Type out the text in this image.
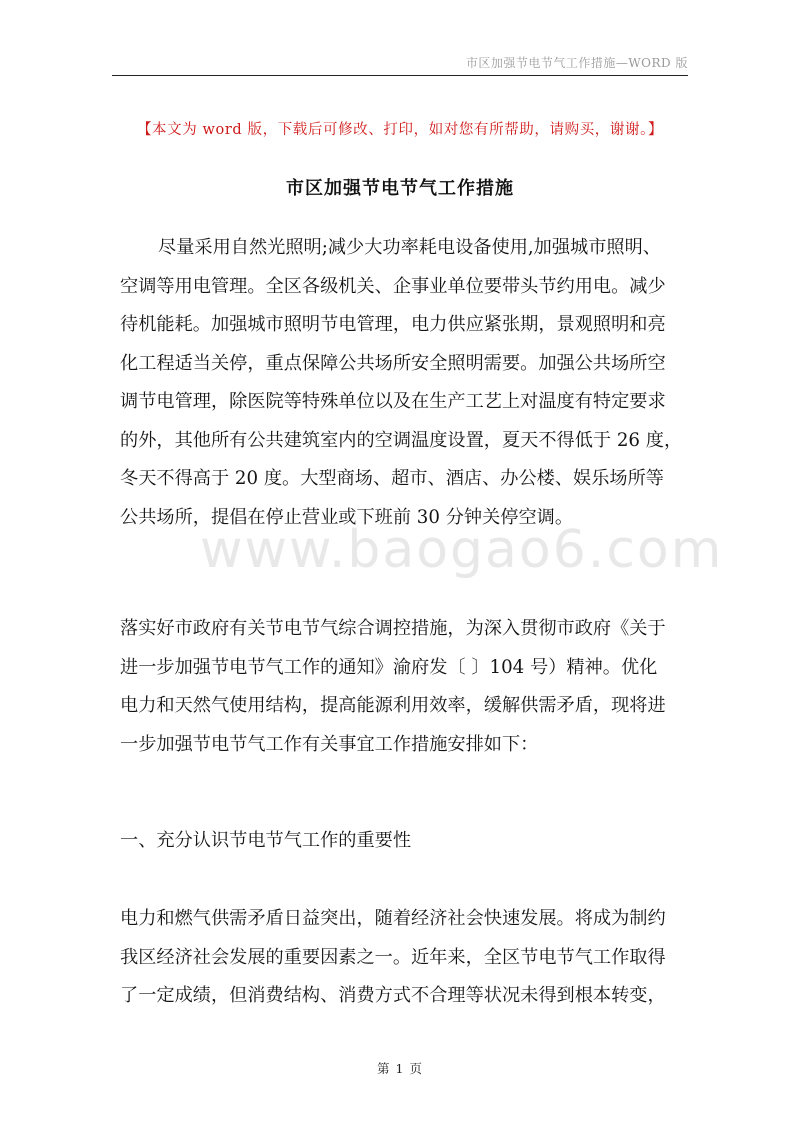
市区加强节电节气工作措施—WORD 版
【本文为 word 版，下载后可修改、打印，如对您有所帮助，请购买，谢谢。】
市区加强节电节气工作措施
www.baogao6.com
尽量采用自然光照明;减少大功率耗电设备使用,加强城市照明、
空调等用电管理。全区各级机关、企事业单位要带头节约用电。减少
待机能耗。加强城市照明节电管理，电力供应紧张期，景观照明和亮
化工程适当关停，重点保障公共场所安全照明需要。加强公共场所空
调节电管理，除医院等特殊单位以及在生产工艺上对温度有特定要求
的外，其他所有公共建筑室内的空调温度设置，夏天不得低于 26 度，
冬天不得高于 20 度。大型商场、超市、酒店、办公楼、娱乐场所等
公共场所，提倡在停止营业或下班前 30 分钟关停空调。
落实好市政府有关节电节气综合调控措施，为深入贯彻市政府《关于
进一步加强节电节气工作的通知》渝府发〔 〕104 号）精神。优化
电力和天然气使用结构，提高能源利用效率，缓解供需矛盾，现将进
一步加强节电节气工作有关事宜工作措施安排如下：
一、充分认识节电节气工作的重要性
电力和燃气供需矛盾日益突出，随着经济社会快速发展。将成为制约
我区经济社会发展的重要因素之一。近年来，全区节电节气工作取得
了一定成绩，但消费结构、消费方式不合理等状况未得到根本转变，
第 1 页
